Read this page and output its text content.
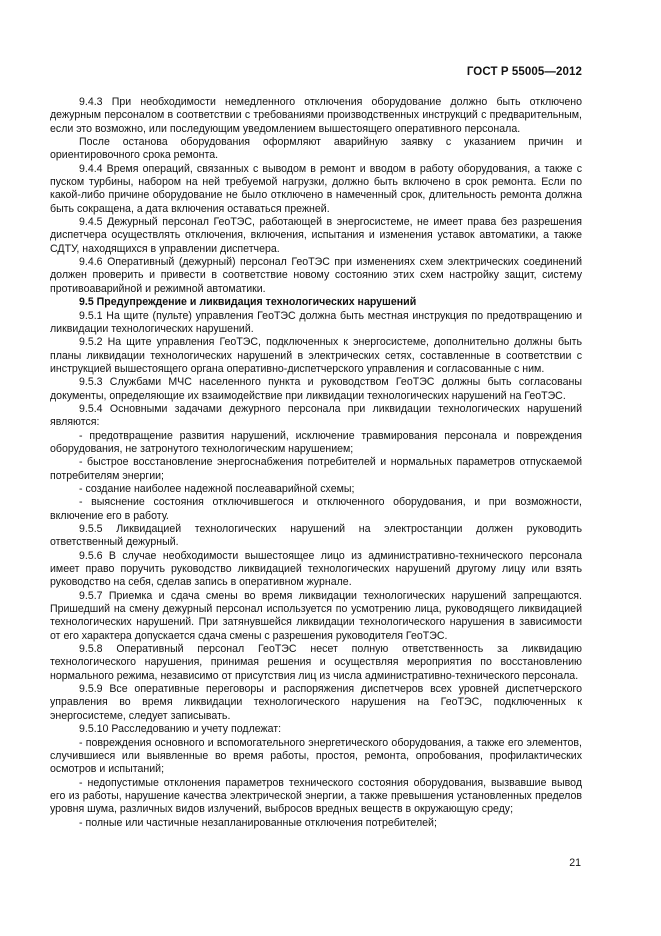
ГОСТ Р 55005—2012

9.4.3 При необходимости немедленного отключения оборудование должно быть отключено дежурным персоналом в соответствии с требованиями производственных инструкций с предварительным, если это возможно, или последующим уведомлением вышестоящего оперативного персонала.

После останова оборудования оформляют аварийную заявку с указанием причин и ориентировочного срока ремонта.

9.4.4 Время операций, связанных с выводом в ремонт и вводом в работу оборудования, а также с пуском турбины, набором на ней требуемой нагрузки, должно быть включено в срок ремонта. Если по какой-либо причине оборудование не было отключено в намеченный срок, длительность ремонта должна быть сокращена, а дата включения оставаться прежней.

9.4.5 Дежурный персонал ГеоТЭС, работающей в энергосистеме, не имеет права без разрешения диспетчера осуществлять отключения, включения, испытания и изменения уставок автоматики, а также СДТУ, находящихся в управлении диспетчера.

9.4.6 Оперативный (дежурный) персонал ГеоТЭС при изменениях схем электрических соединений должен проверить и привести в соответствие новому состоянию этих схем настройку защит, систему противоаварийной и режимной автоматики.

9.5 Предупреждение и ликвидация технологических нарушений

9.5.1 На щите (пульте) управления ГеоТЭС должна быть местная инструкция по предотвращению и ликвидации технологических нарушений.

9.5.2 На щите управления ГеоТЭС, подключенных к энергосистеме, дополнительно должны быть планы ликвидации технологических нарушений в электрических сетях, составленные в соответствии с инструкцией вышестоящего органа оперативно-диспетчерского управления и согласованные с ним.

9.5.3 Службами МЧС населенного пункта и руководством ГеоТЭС должны быть согласованы документы, определяющие их взаимодействие при ликвидации технологических нарушений на ГеоТЭС.

9.5.4 Основными задачами дежурного персонала при ликвидации технологических нарушений являются:

- предотвращение развития нарушений, исключение травмирования персонала и повреждения оборудования, не затронутого технологическим нарушением;

- быстрое восстановление энергоснабжения потребителей и нормальных параметров отпускаемой потребителям энергии;

- создание наиболее надежной послеаварийной схемы;

- выяснение состояния отключившегося и отключенного оборудования, и при возможности, включение его в работу.

9.5.5 Ликвидацией технологических нарушений на электростанции должен руководить ответственный дежурный.

9.5.6 В случае необходимости вышестоящее лицо из административно-технического персонала имеет право поручить руководство ликвидацией технологических нарушений другому лицу или взять руководство на себя, сделав запись в оперативном журнале.

9.5.7 Приемка и сдача смены во время ликвидации технологических нарушений запрещаются. Пришедший на смену дежурный персонал используется по усмотрению лица, руководящего ликвидацией технологических нарушений. При затянувшейся ликвидации технологического нарушения в зависимости от его характера допускается сдача смены с разрешения руководителя ГеоТЭС.

9.5.8 Оперативный персонал ГеоТЭС несет полную ответственность за ликвидацию технологического нарушения, принимая решения и осуществляя мероприятия по восстановлению нормального режима, независимо от присутствия лиц из числа административно-технического персонала.

9.5.9 Все оперативные переговоры и распоряжения диспетчеров всех уровней диспетчерского управления во время ликвидации технологического нарушения на ГеоТЭС, подключенных к энергосистеме, следует записывать.

9.5.10 Расследованию и учету подлежат:

- повреждения основного и вспомогательного энергетического оборудования, а также его элементов, случившиеся или выявленные во время работы, простоя, ремонта, опробования, профилактических осмотров и испытаний;

- недопустимые отклонения параметров технического состояния оборудования, вызвавшие вывод его из работы, нарушение качества электрической энергии, а также превышения установленных пределов уровня шума, различных видов излучений, выбросов вредных веществ в окружающую среду;

- полные или частичные незапланированные отключения потребителей;

21
